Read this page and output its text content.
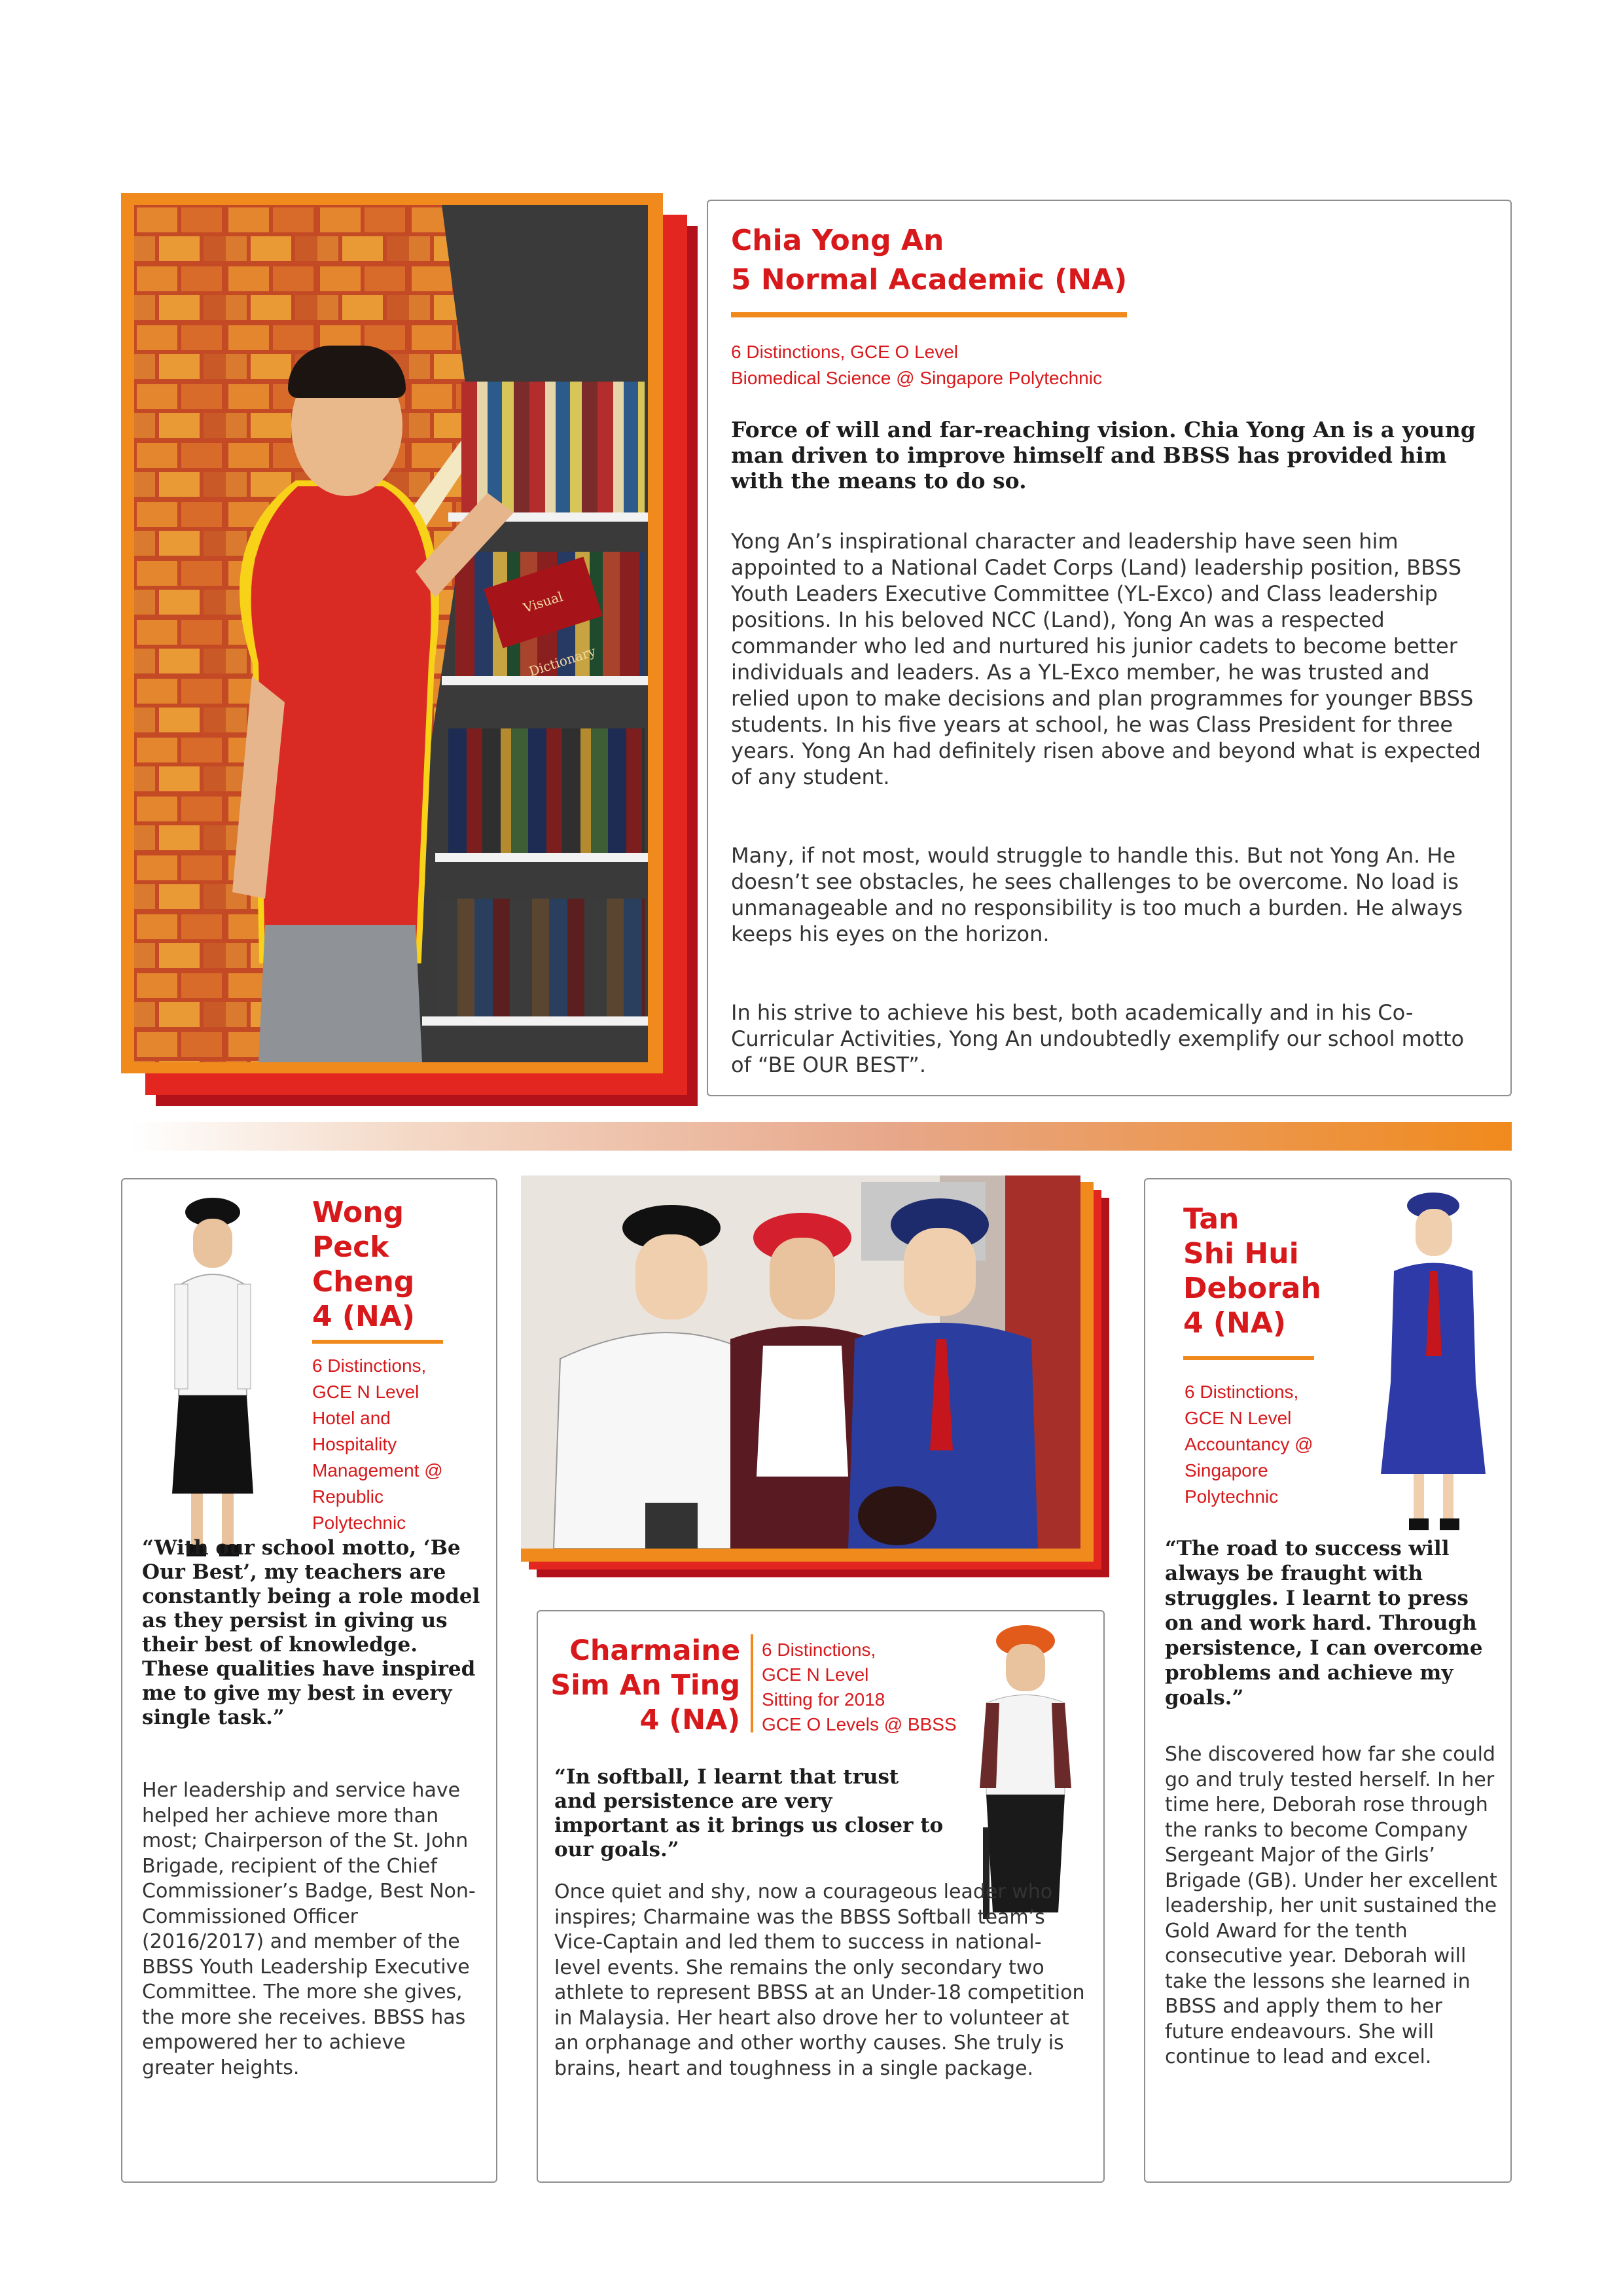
Visual Dictionary
Chia Yong An
5 Normal Academic (NA)
6 Distinctions, GCE O Level
Biomedical Science @ Singapore Polytechnic

Force of will and far-reaching vision. Chia Yong An is a young man driven to improve himself and BBSS has provided him with the means to do so.

Yong An’s inspirational character and leadership have seen him appointed to a National Cadet Corps (Land) leadership position, BBSS Youth Leaders Executive Committee (YL-Exco) and Class leadership positions. In his beloved NCC (Land), Yong An was a respected commander who led and nurtured his junior cadets to become better individuals and leaders. As a YL-Exco member, he was trusted and relied upon to make decisions and plan programmes for younger BBSS students. In his five years at school, he was Class President for three years. Yong An had definitely risen above and beyond what is expected of any student.

Many, if not most, would struggle to handle this. But not Yong An. He doesn’t see obstacles, he sees challenges to be overcome. No load is unmanageable and no responsibility is too much a burden. He always keeps his eyes on the horizon.

In his strive to achieve his best, both academically and in his Co-Curricular Activities, Yong An undoubtedly exemplify our school motto of “BE OUR BEST”.

Wong
Peck
Cheng
4 (NA)
6 Distinctions,
GCE N Level
Hotel and
Hospitality
Management @
Republic
Polytechnic

“With our school motto, ‘Be Our Best’, my teachers are constantly being a role model as they persist in giving us their best of knowledge. These qualities have inspired me to give my best in every single task.”

Her leadership and service have helped her achieve more than most; Chairperson of the St. John Brigade, recipient of the Chief Commissioner’s Badge, Best Non-Commissioned Officer (2016/2017) and member of the BBSS Youth Leadership Executive Committee. The more she gives, the more she receives. BBSS has empowered her to achieve greater heights.

Charmaine
Sim An Ting
4 (NA)
6 Distinctions,
GCE N Level
Sitting for 2018
GCE O Levels @ BBSS

“In softball, I learnt that trust and persistence are very important as it brings us closer to our goals.”

Once quiet and shy, now a courageous leader who inspires; Charmaine was the BBSS Softball team’s Vice-Captain and led them to success in national-level events. She remains the only secondary two athlete to represent BBSS at an Under-18 competition in Malaysia. Her heart also drove her to volunteer at an orphanage and other worthy causes. She truly is brains, heart and toughness in a single package.

Tan
Shi Hui
Deborah
4 (NA)
6 Distinctions,
GCE N Level
Accountancy @
Singapore
Polytechnic

“The road to success will always be fraught with struggles. I learnt to press on and work hard. Through persistence, I can overcome problems and achieve my goals.”

She discovered how far she could go and truly tested herself. In her time here, Deborah rose through the ranks to become Company Sergeant Major of the Girls’ Brigade (GB). Under her excellent leadership, her unit sustained the Gold Award for the tenth consecutive year. Deborah will take the lessons she learned in BBSS and apply them to her future endeavours. She will continue to lead and excel.
